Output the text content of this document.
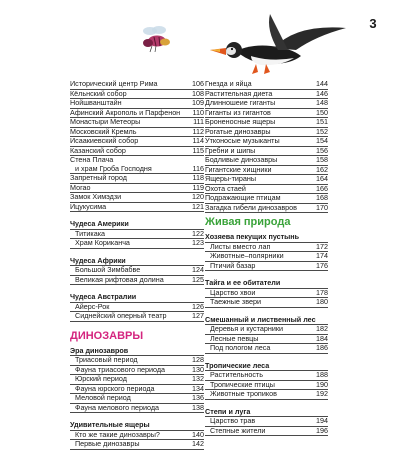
3
Исторический центр Рима	106
Кёльнский собор	108
Нойшванштайн	109
Афинский Акрополь и Парфенон	110
Монастыри Метеоры	111
Московский Кремль	112
Исаакиевский собор	114
Казанский собор	115
Стена Плача
и храм Гроба Господня	116
Запретный город	118
Могао	119
Замок Химэдзи	120
Ицукусима	121
Чудеса Америки
Титикака	122
Храм Кориканча	123
Чудеса Африки
Большой Зимбабве	124
Великая рифтовая долина	125
Чудеса Австралии
Айерс-Рок	126
Сиднейский оперный театр	127
ДИНОЗАВРЫ
Эра динозавров
Триасовый период	128
Фауна триасового периода	130
Юрский период	132
Фауна юрского периода	134
Меловой период	136
Фауна мелового периода	138
Удивительные ящеры
Кто же такие динозавры?	140
Первые динозавры	142
Гнезда и яйца	144
Растительная диета	146
Длинношеие гиганты	148
Гиганты из гигантов	150
Броненосные ящеры	151
Рогатые динозавры	152
Утконосые музыканты	154
Гребни и шипы	156
Бодливые динозавры	158
Гигантские хищники	162
Ящеры-тираны	164
Охота стаей	166
Подражающие птицам	168
Загадка гибели динозавров	170
Живая природа
Хозяева пекущих пустынь
Листы вместо лап	172
Животные–полярники	174
Птичий базар	176
Тайга и ее обитатели
Царство хвои	178
Таежные звери	180
Смешанный и лиственный лес
Деревья и кустарники	182
Лесные певцы	184
Под пологом леса	186
Тропические леса
Растительность	188
Тропические птицы	190
Животные тропиков	192
Степи и луга
Царство трав	194
Степные жители	196
